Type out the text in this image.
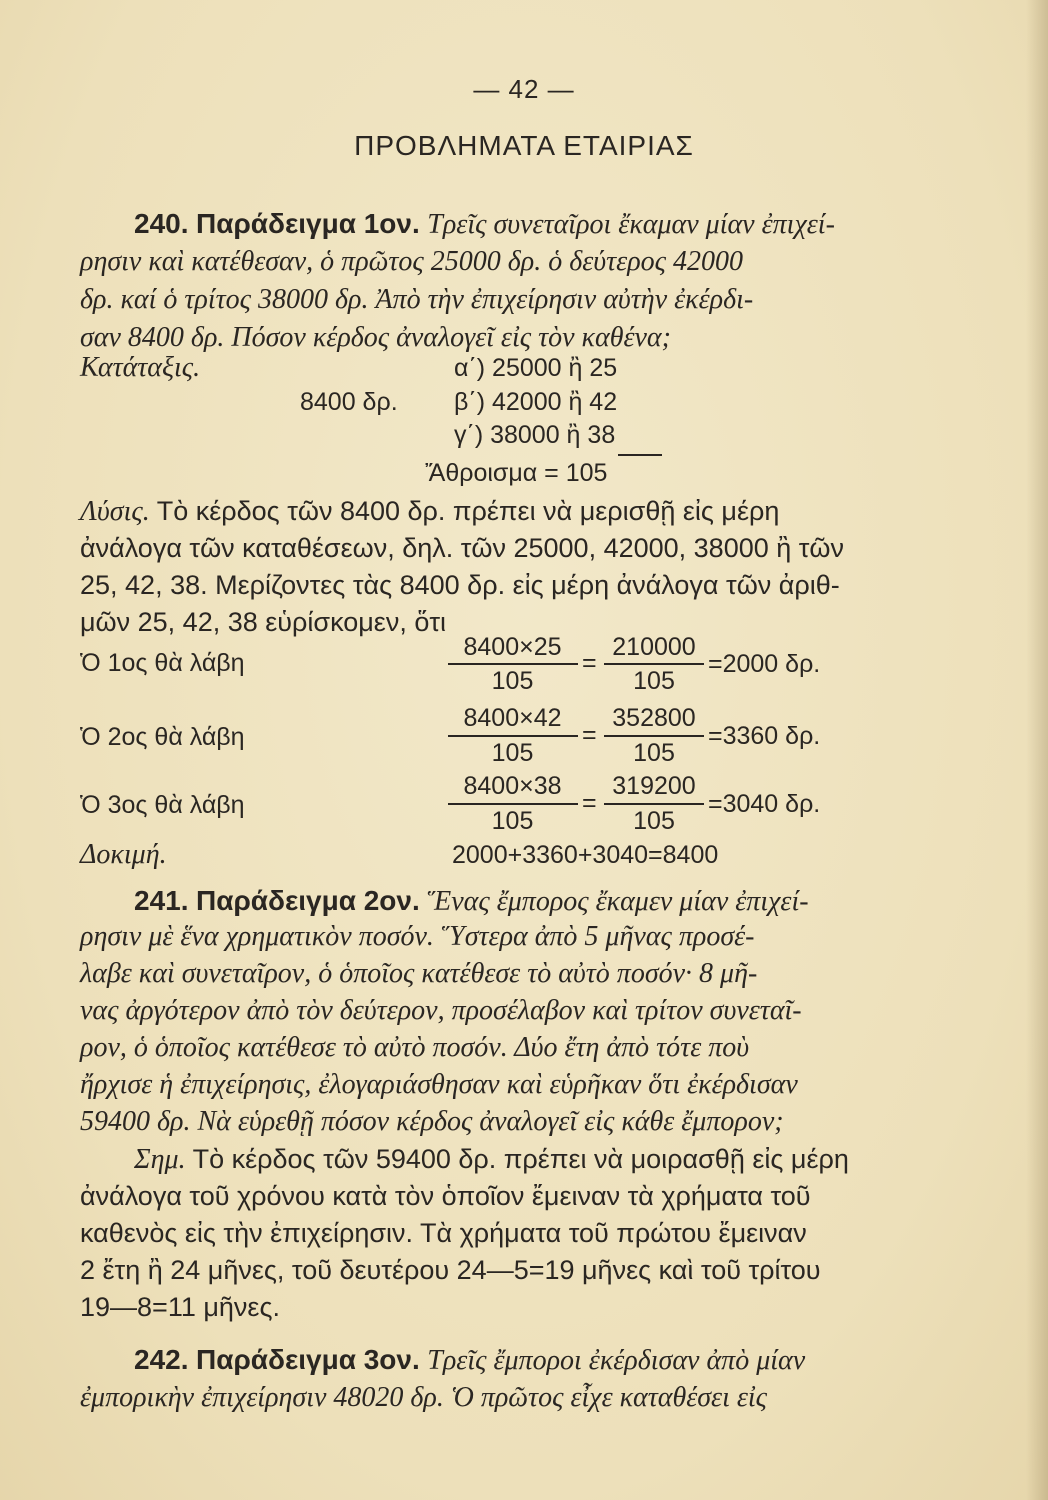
— 42 —
ΠΡΟΒΛΗΜΑΤΑ ΕΤΑΙΡΙΑΣ
240. Παράδειγμα 1ον. Τρεῖς συνεταῖροι ἔκαμαν μίαν ἐπιχεί-
ρησιν καὶ κατέθεσαν, ὁ πρῶτος 25000 δρ. ὁ δεύτερος 42000
δρ. καί ὁ τρίτος 38000 δρ. Ἀπὸ τὴν ἐπιχείρησιν αὐτὴν ἐκέρδι-
σαν 8400 δρ. Πόσον κέρδος ἀναλογεῖ εἰς τὸν καθένα;
Κατάταξις.	α΄) 25000 ἢ 25
8400 δρ. β΄) 42000 ἢ 42
γ΄) 38000 ἢ 38
Ἄθροισμα = 105
Λύσις. Τὸ κέρδος τῶν 8400 δρ. πρέπει νὰ μερισθῇ εἰς μέρη
ἀνάλογα τῶν καταθέσεων, δηλ. τῶν 25000, 42000, 38000 ἢ τῶν
25, 42, 38. Μερίζοντες τὰς 8400 δρ. εἰς μέρη ἀνάλογα τῶν ἀριθ-
μῶν 25, 42, 38 εὑρίσκομεν, ὅτι
Ὁ 1ος θὰ λάβη
8400×25
105
=
210000
105
=2000 δρ.
Ὁ 2ος θὰ λάβη
8400×42
105
=
352800
105
=3360 δρ.
Ὁ 3ος θὰ λάβη
8400×38
105
=
319200
105
=3040 δρ.
Δοκιμή.	2000+3360+3040=8400
241. Παράδειγμα 2ον. Ἕνας ἔμπορος ἔκαμεν μίαν ἐπιχεί-
ρησιν μὲ ἕνα χρηματικὸν ποσόν. Ὕστερα ἀπὸ 5 μῆνας προσέ-
λαβε καὶ συνεταῖρον, ὁ ὁποῖος κατέθεσε τὸ αὐτὸ ποσόν· 8 μῆ-
νας ἀργότερον ἀπὸ τὸν δεύτερον, προσέλαβον καὶ τρίτον συνεταῖ-
ρον, ὁ ὁποῖος κατέθεσε τὸ αὐτὸ ποσόν. Δύο ἔτη ἀπὸ τότε ποὺ
ἤρχισε ἡ ἐπιχείρησις, ἐλογαριάσθησαν καὶ εὑρῆκαν ὅτι ἐκέρδισαν
59400 δρ. Νὰ εὑρεθῇ πόσον κέρδος ἀναλογεῖ εἰς κάθε ἔμπορον;
Σημ. Τὸ κέρδος τῶν 59400 δρ. πρέπει νὰ μοιρασθῇ εἰς μέρη
ἀνάλογα τοῦ χρόνου κατὰ τὸν ὁποῖον ἔμειναν τὰ χρήματα τοῦ
καθενὸς εἰς τὴν ἐπιχείρησιν. Τὰ χρήματα τοῦ πρώτου ἔμειναν
2 ἔτη ἢ 24 μῆνες, τοῦ δευτέρου 24—5=19 μῆνες καὶ τοῦ τρίτου
19—8=11 μῆνες.
242. Παράδειγμα 3ον. Τρεῖς ἔμποροι ἐκέρδισαν ἀπὸ μίαν
ἐμπορικὴν ἐπιχείρησιν 48020 δρ. Ὁ πρῶτος εἶχε καταθέσει εἰς
